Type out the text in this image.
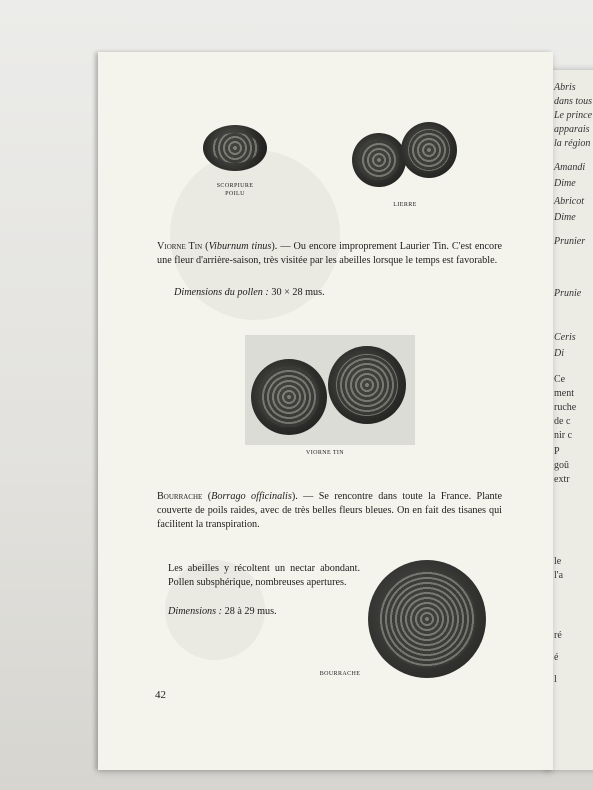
Abris
dans tous
Le prince
apparais
la région
Amandi
Dime
Abricot
Dime
Prunier
Prunie
Ceris
Di
Ce
ment
ruche
de c
nir c
P
goû
extr
le
l'a
ré
é
l
SCORPIURE
POILU
LIERRE
Viorne Tin (Viburnum tinus). — Ou encore improprement Laurier Tin. C'est encore une fleur d'arrière-saison, très visitée par les abeilles lorsque le temps est favorable.
Dimensions du pollen : 30 × 28 mus.
VIORNE TIN
Bourrache (Borrago officinalis). — Se rencontre dans toute la France. Plante couverte de poils raides, avec de très belles fleurs bleues. On en fait des tisanes qui facilitent la transpiration.
Les abeilles y récoltent un nectar abondant. Pollen subsphérique, nombreuses apertures.
Dimensions : 28 à 29 mus.
BOURRACHE
42
